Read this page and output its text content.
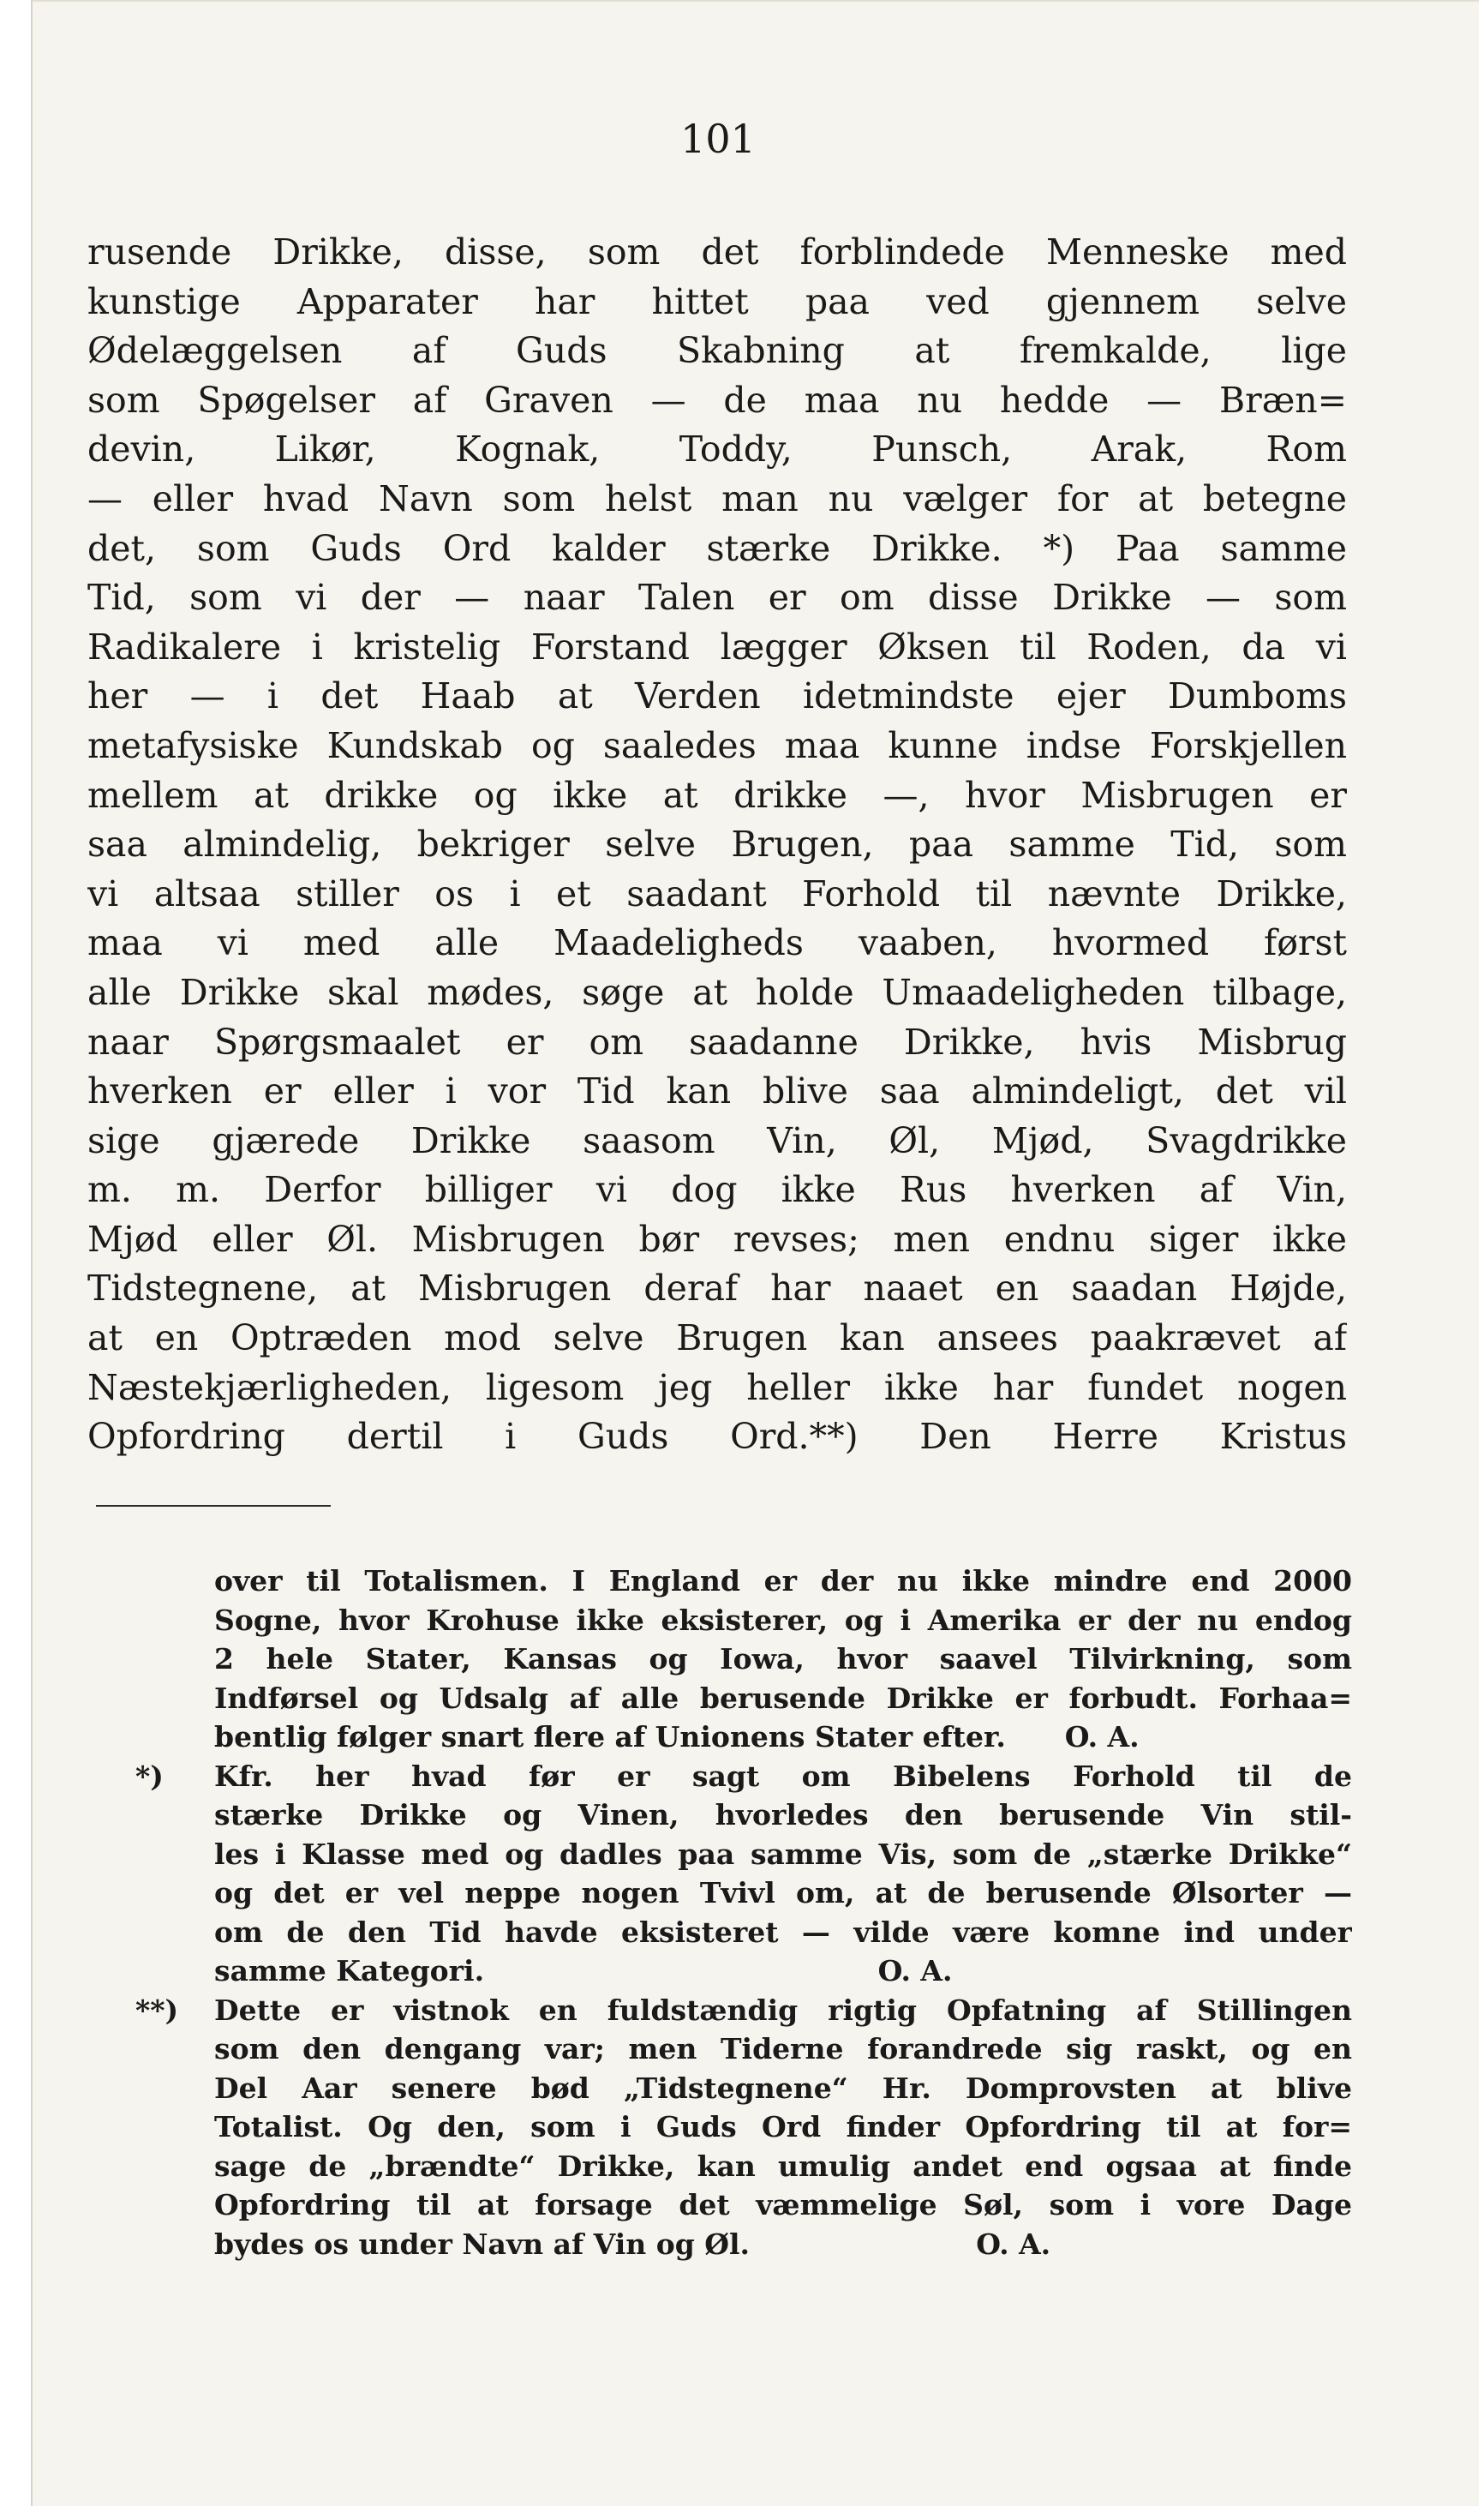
101
rusende Drikke, disse, som det forblindede Menneske med
kunstige Apparater har hittet paa ved gjennem selve
Ødelæggelsen af Guds Skabning at fremkalde, lige
som Spøgelser af Graven — de maa nu hedde — Bræn=
devin, Likør, Kognak, Toddy, Punsch, Arak, Rom
— eller hvad Navn som helst man nu vælger for at betegne
det, som Guds Ord kalder stærke Drikke. *) Paa samme
Tid, som vi der — naar Talen er om disse Drikke — som
Radikalere i kristelig Forstand lægger Øksen til Roden, da vi
her — i det Haab at Verden idetmindste ejer Dumboms
metafysiske Kundskab og saaledes maa kunne indse Forskjellen
mellem at drikke og ikke at drikke —, hvor Misbrugen er
saa almindelig, bekriger selve Brugen, paa samme Tid, som
vi altsaa stiller os i et saadant Forhold til nævnte Drikke,
maa vi med alle Maadeligheds vaaben, hvormed først
alle Drikke skal mødes, søge at holde Umaadeligheden tilbage,
naar Spørgsmaalet er om saadanne Drikke, hvis Misbrug
hverken er eller i vor Tid kan blive saa almindeligt, det vil
sige gjærede Drikke saasom Vin, Øl, Mjød, Svagdrikke
m. m. Derfor billiger vi dog ikke Rus hverken af Vin,
Mjød eller Øl. Misbrugen bør revses; men endnu siger ikke
Tidstegnene, at Misbrugen deraf har naaet en saadan Højde,
at en Optræden mod selve Brugen kan ansees paakrævet af
Næstekjærligheden, ligesom jeg heller ikke har fundet nogen
Opfordring dertil i Guds Ord.**) Den Herre Kristus
over til Totalismen. I England er der nu ikke mindre end 2000
Sogne, hvor Krohuse ikke eksisterer, og i Amerika er der nu endog
2 hele Stater, Kansas og Iowa, hvor saavel Tilvirkning, som
Indførsel og Udsalg af alle berusende Drikke er forbudt. Forhaa=
bentlig følger snart flere af Unionens Stater efter.      O. A.
*)	Kfr. her hvad før er sagt om Bibelens Forhold til de
stærke Drikke og Vinen, hvorledes den berusende Vin stil-
les i Klasse med og dadles paa samme Vis, som de „stærke Drikke“
og det er vel neppe nogen Tvivl om, at de berusende Ølsorter —
om de den Tid havde eksisteret — vilde være komne ind under
samme Kategori.                                        O. A.
**)	Dette er vistnok en fuldstændig rigtig Opfatning af Stillingen
som den dengang var; men Tiderne forandrede sig raskt, og en
Del Aar senere bød „Tidstegnene“ Hr. Domprovsten at blive
Totalist. Og den, som i Guds Ord finder Opfordring til at for=
sage de „brændte“ Drikke, kan umulig andet end ogsaa at finde
Opfordring til at forsage det væmmelige Søl, som i vore Dage
bydes os under Navn af Vin og Øl.                       O. A.
